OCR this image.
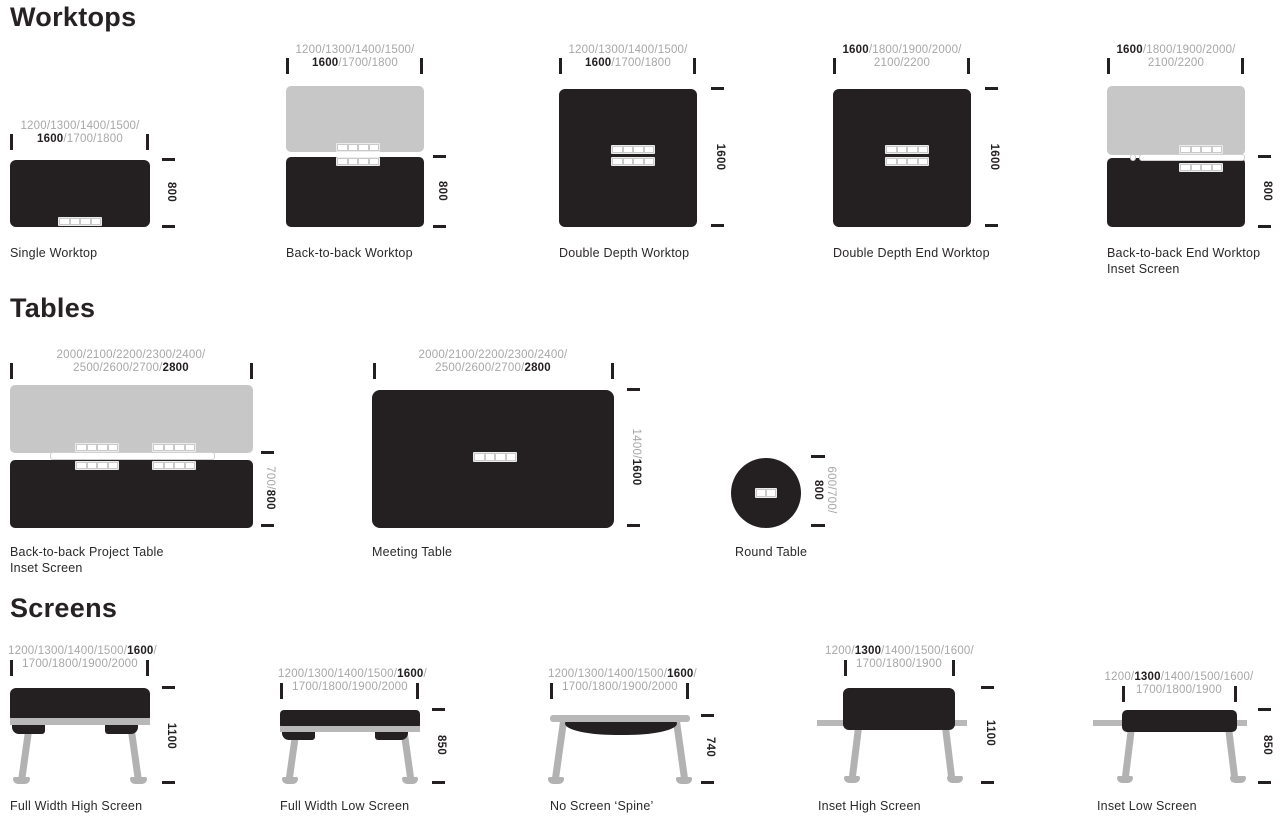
Worktops
Tables
Screens
1200/1300/1400/1500/
1600/1700/1800
800
Single Worktop
1200/1300/1400/1500/
1600/1700/1800
800
Back-to-back Worktop
1200/1300/1400/1500/
1600/1700/1800
1600
Double Depth Worktop
1600/1800/1900/2000/
2100/2200
1600
Double Depth End Worktop
1600/1800/1900/2000/
2100/2200
800
Back-to-back End Worktop
Inset Screen
2000/2100/2200/2300/2400/
2500/2600/2700/2800
700/800
Back-to-back Project Table
Inset Screen
2000/2100/2200/2300/2400/
2500/2600/2700/2800
1400/1600
Meeting Table
600/700/
800
Round Table
1200/1300/1400/1500/1600/
1700/1800/1900/2000
1100
Full Width High Screen
1200/1300/1400/1500/1600/
1700/1800/1900/2000
850
Full Width Low Screen
1200/1300/1400/1500/1600/
1700/1800/1900/2000
740
No Screen ‘Spine’
1200/1300/1400/1500/1600/
1700/1800/1900
1100
Inset High Screen
1200/1300/1400/1500/1600/
1700/1800/1900
850
Inset Low Screen
